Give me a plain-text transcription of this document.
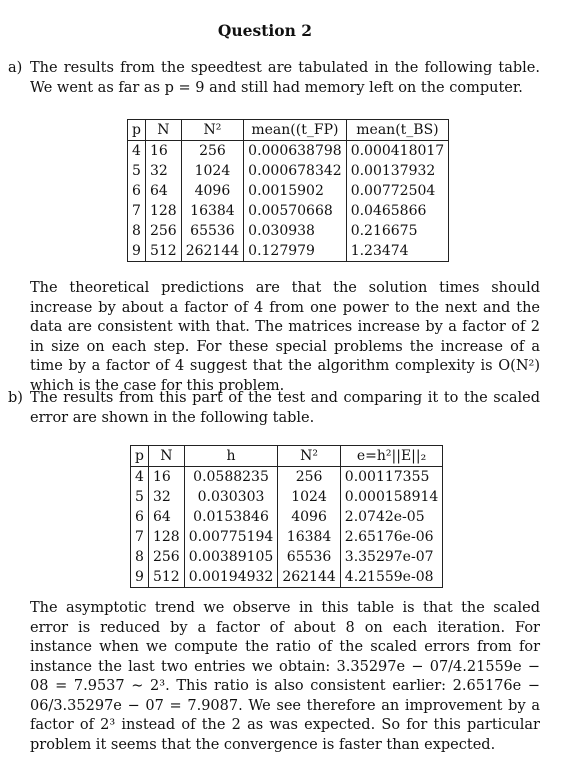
Question 2
a) The results from the speedtest are tabulated in the following table. We went as far as p = 9 and still had memory left on the computer.
p	N	N²	mean((t_FP)	mean(t_BS)
4	16	256	0.000638798	0.000418017
5	32	1024	0.000678342	0.00137932
6	64	4096	0.0015902	0.00772504
7	128	16384	0.00570668	0.0465866
8	256	65536	0.030938	0.216675
9	512	262144	0.127979	1.23474
The theoretical predictions are that the solution times should increase by about a factor of 4 from one power to the next and the data are consistent with that. The matrices increase by a factor of 2 in size on each step. For these special problems the increase of a time by a factor of 4 suggest that the algorithm complexity is O(N²) which is the case for this problem.
b) The results from this part of the test and comparing it to the scaled error are shown in the following table.
p	N	h	N²	e=h²||E||₂
4	16	0.0588235	256	0.00117355
5	32	0.030303	1024	0.000158914
6	64	0.0153846	4096	2.0742e-05
7	128	0.00775194	16384	2.65176e-06
8	256	0.00389105	65536	3.35297e-07
9	512	0.00194932	262144	4.21559e-08
The asymptotic trend we observe in this table is that the scaled error is reduced by a factor of about 8 on each iteration. For instance when we compute the ratio of the scaled errors from for instance the last two entries we obtain: 3.35297e − 07/4.21559e − 08 = 7.9537 ∼ 2³. This ratio is also consistent earlier: 2.65176e − 06/3.35297e − 07 = 7.9087. We see therefore an improvement by a factor of 2³ instead of the 2 as was expected. So for this particular problem it seems that the convergence is faster than expected.
